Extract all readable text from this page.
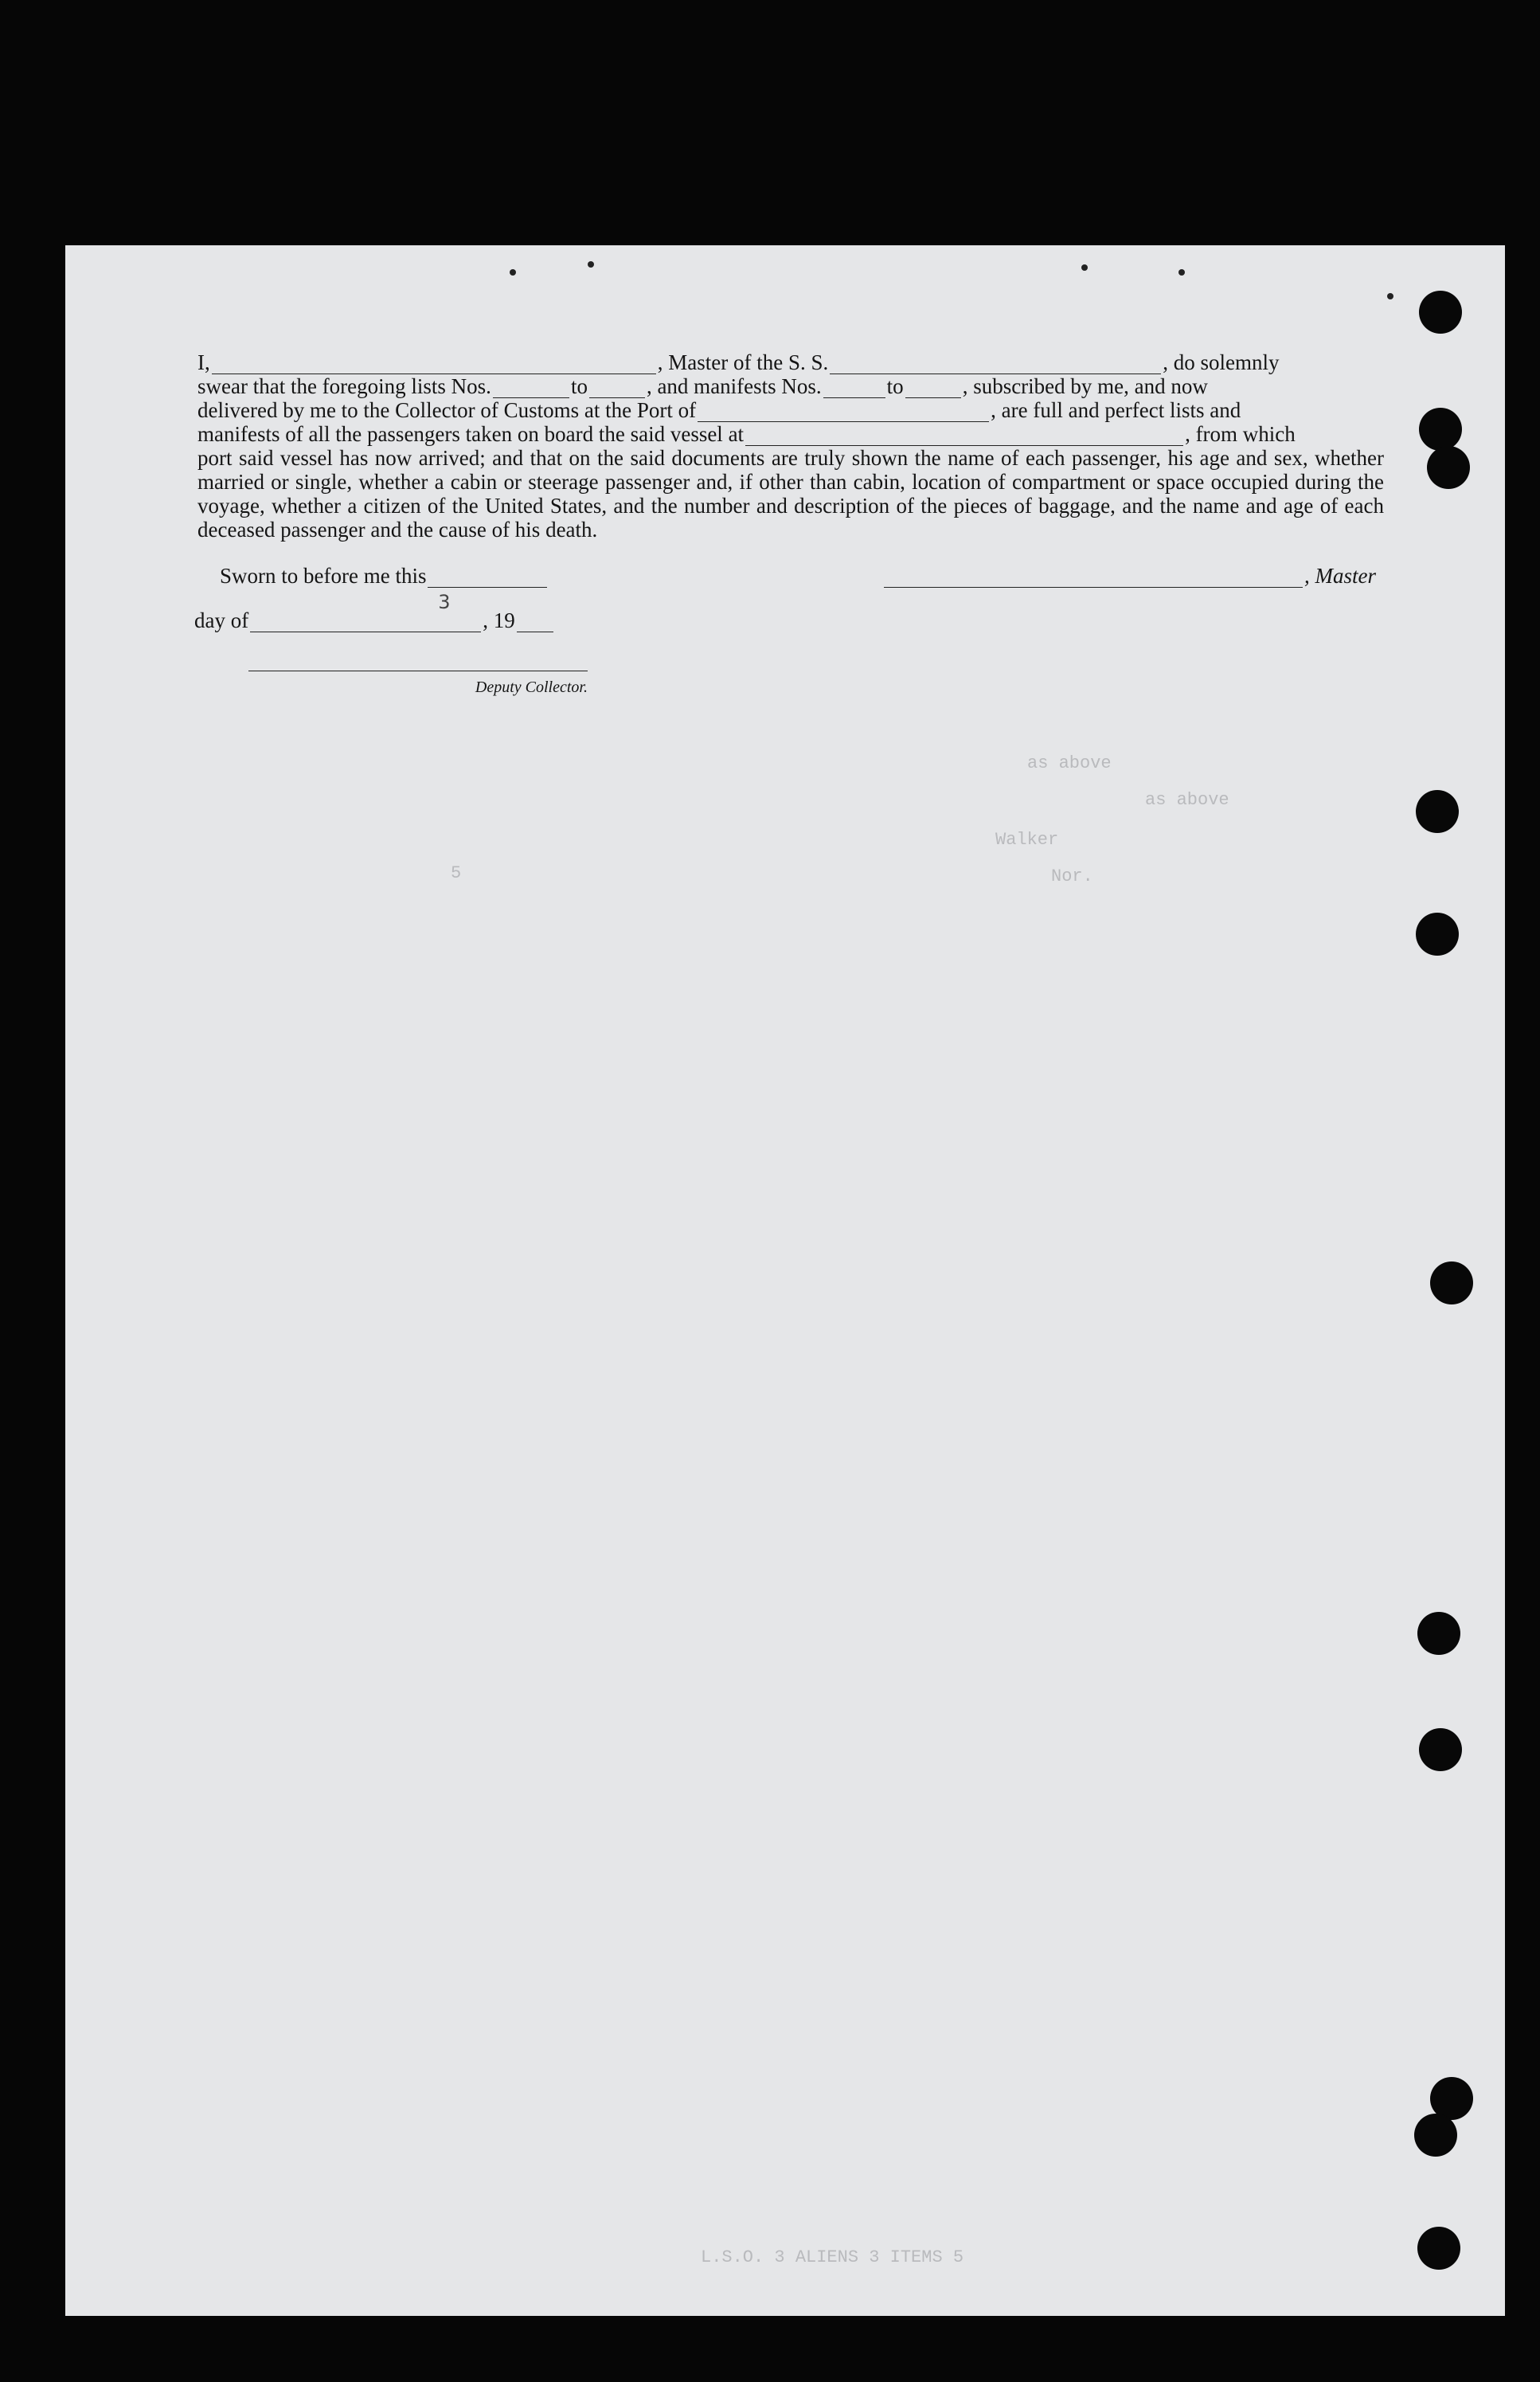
L.S.O. 3 ALIENS 3 ITEMS 5
as above
as above
Walker
Nor.
5
I,	, Master of the S. S.	, do solemnly
swear that the foregoing lists Nos.	to	, and manifests Nos.	to	, subscribed by me, and now
delivered by me to the Collector of Customs at the Port of	, are full and perfect lists and
manifests of all the passengers taken on board the said vessel at	, from which

port said vessel has now arrived; and that on the said documents are truly shown the name of each passenger, his age and sex, whether married or single, whether a cabin or steerage passenger and, if other than cabin, location of compartment or space occupied during the voyage, whether a citizen of the United States, and the number and description of the pieces of baggage, and the name and age of each deceased passenger and the cause of his death.

Sworn to before me this
day of
3
, 19
Deputy Collector.
, Master
